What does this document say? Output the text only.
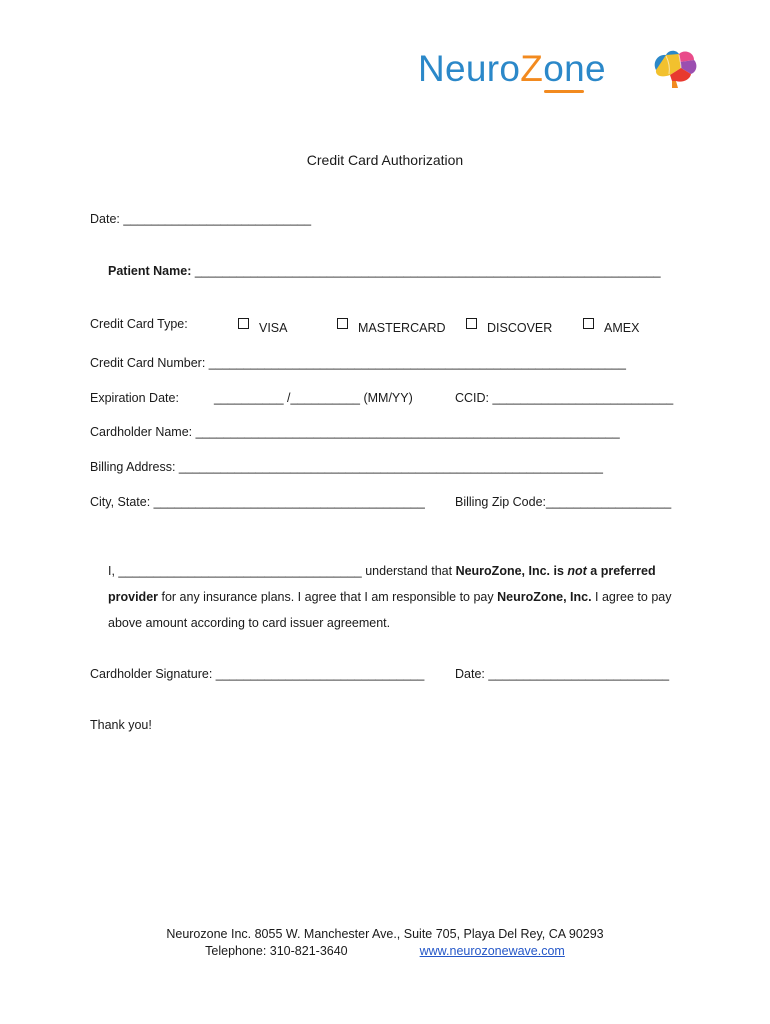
NeuroZone
Credit Card Authorization
Date: ___________________________
Patient Name: ___________________________________________________________________
Credit Card Type:	VISA	MASTERCARD	DISCOVER	AMEX
Credit Card Number: ____________________________________________________________
Expiration Date:	__________ /__________ (MM/YY)	CCID: __________________________
Cardholder Name: _____________________________________________________________
Billing Address: _____________________________________________________________
City, State: _______________________________________ Billing Zip Code:__________________
I, ___________________________________ understand that NeuroZone, Inc. is not a preferred
provider for any insurance plans. I agree that I am responsible to pay NeuroZone, Inc. I agree to pay
above amount according to card issuer agreement.
Cardholder Signature: ______________________________ Date: __________________________
Thank you!
Neurozone Inc. 8055 W. Manchester Ave., Suite 705, Playa Del Rey, CA 90293
Telephone: 310-821-3640	www.neurozonewave.com
